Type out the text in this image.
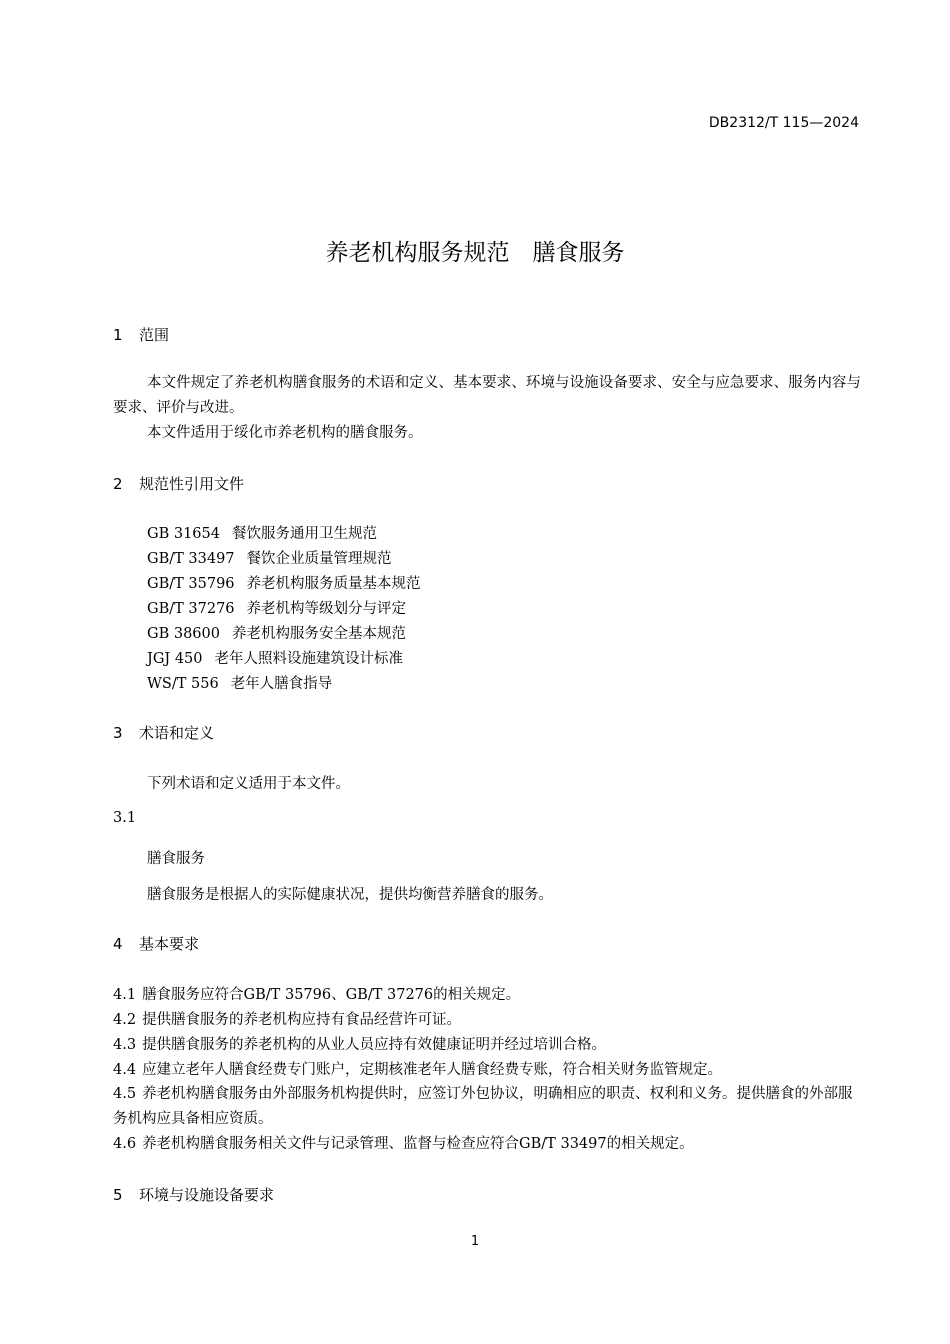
DB2312/T 115—2024
养老机构服务规范　膳食服务
1 范围
本文件规定了养老机构膳食服务的术语和定义、基本要求、环境与设施设备要求、安全与应急要求、服务内容与要求、评价与改进。
本文件适用于绥化市养老机构的膳食服务。
2 规范性引用文件
GB 31654 餐饮服务通用卫生规范
GB/T 33497 餐饮企业质量管理规范
GB/T 35796 养老机构服务质量基本规范
GB/T 37276 养老机构等级划分与评定
GB 38600 养老机构服务安全基本规范
JGJ 450 老年人照料设施建筑设计标准
WS/T 556 老年人膳食指导
3 术语和定义
下列术语和定义适用于本文件。
3.1
膳食服务
膳食服务是根据人的实际健康状况，提供均衡营养膳食的服务。
4 基本要求
4.1 膳食服务应符合GB/T 35796、GB/T 37276的相关规定。
4.2 提供膳食服务的养老机构应持有食品经营许可证。
4.3 提供膳食服务的养老机构的从业人员应持有效健康证明并经过培训合格。
4.4 应建立老年人膳食经费专门账户，定期核准老年人膳食经费专账，符合相关财务监管规定。
4.5 养老机构膳食服务由外部服务机构提供时，应签订外包协议，明确相应的职责、权利和义务。提供膳食的外部服务机构应具备相应资质。
4.6 养老机构膳食服务相关文件与记录管理、监督与检查应符合GB/T 33497的相关规定。
5 环境与设施设备要求
1
